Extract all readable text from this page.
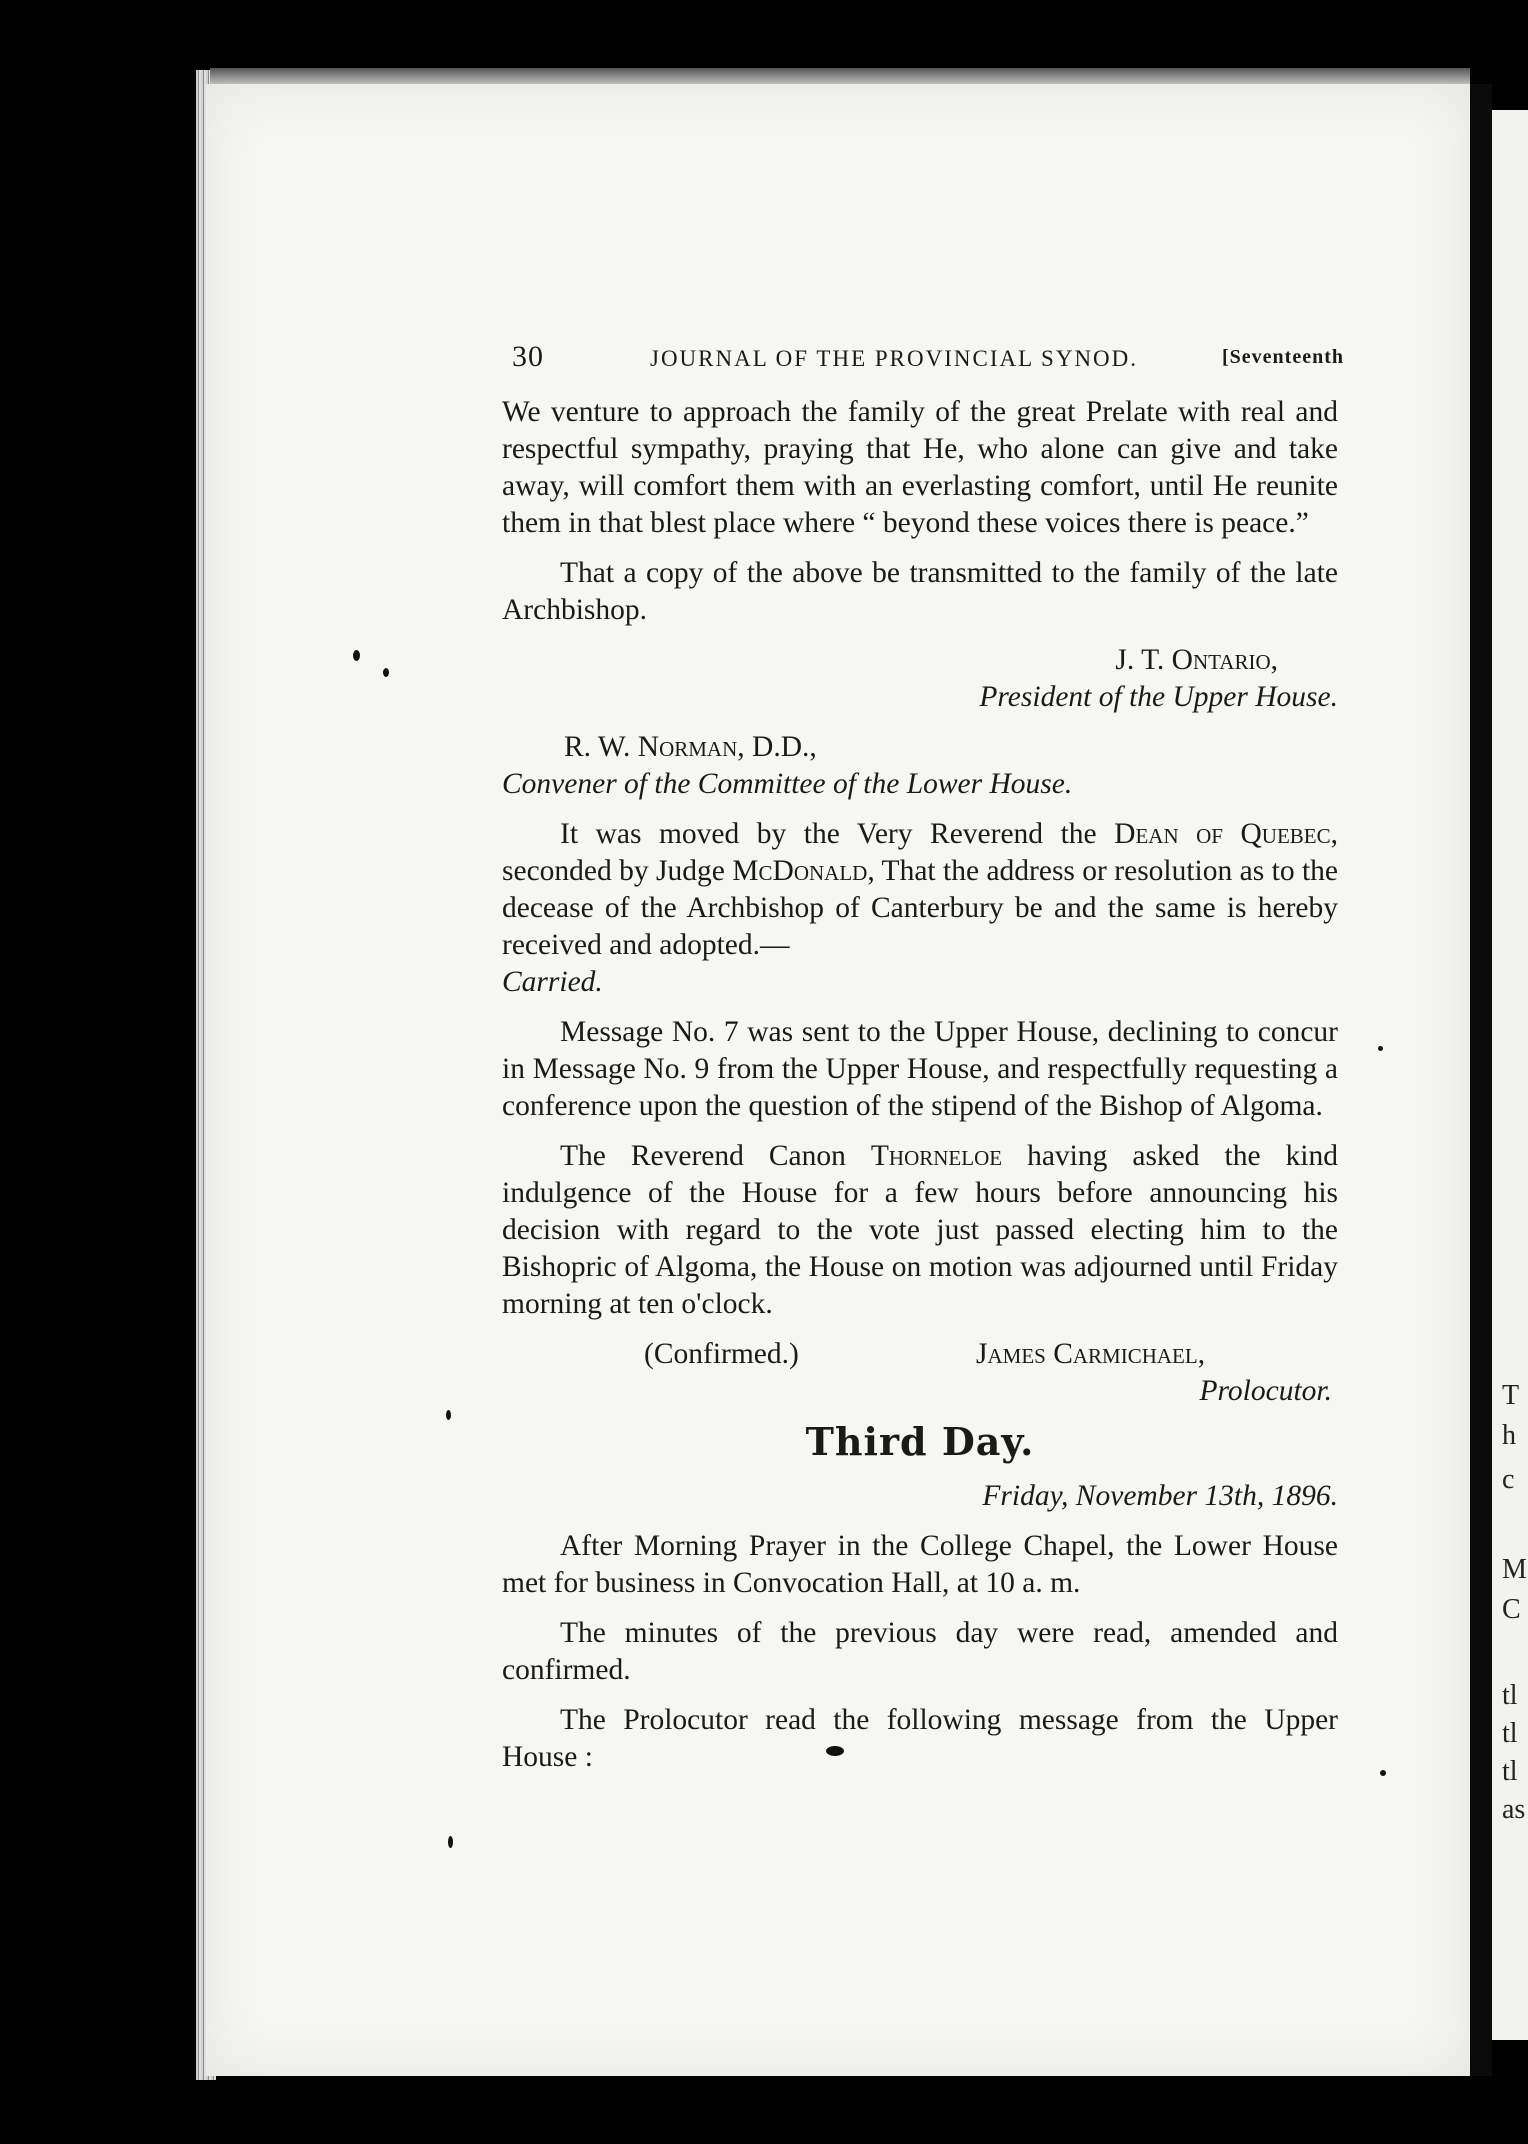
T
h
c
M
C
tl
tl
tl
as
30	JOURNAL OF THE PROVINCIAL SYNOD.	[Seventeenth

We venture to approach the family of the great Prelate with real and respectful sympathy, praying that He, who alone can give and take away, will comfort them with an everlasting comfort, until He reunite them in that blest place where “ beyond these voices there is peace.”

That a copy of the above be transmitted to the family of the late Archbishop.

J. T. Ontario,
President of the Upper House.

R. W. Norman, D.D.,
Convener of the Committee of the Lower House.

It was moved by the Very Reverend the Dean of Quebec, seconded by Judge McDonald, That the address or resolution as to the decease of the Archbishop of Canterbury be and the same is hereby received and adopted.—
Carried.

Message No. 7 was sent to the Upper House, declining to concur in Message No. 9 from the Upper House, and respectfully requesting a conference upon the question of the stipend of the Bishop of Algoma.

The Reverend Canon Thorneloe having asked the kind indulgence of the House for a few hours before announcing his decision with regard to the vote just passed electing him to the Bishopric of Algoma, the House on motion was adjourned until Friday morning at ten o'clock.

(Confirmed.)	James Carmichael,
Prolocutor.
Third Day.

Friday, November 13th, 1896.

After Morning Prayer in the College Chapel, the Lower House met for business in Convocation Hall, at 10 a. m.

The minutes of the previous day were read, amended and confirmed.

The Prolocutor read the following message from the Upper House :
